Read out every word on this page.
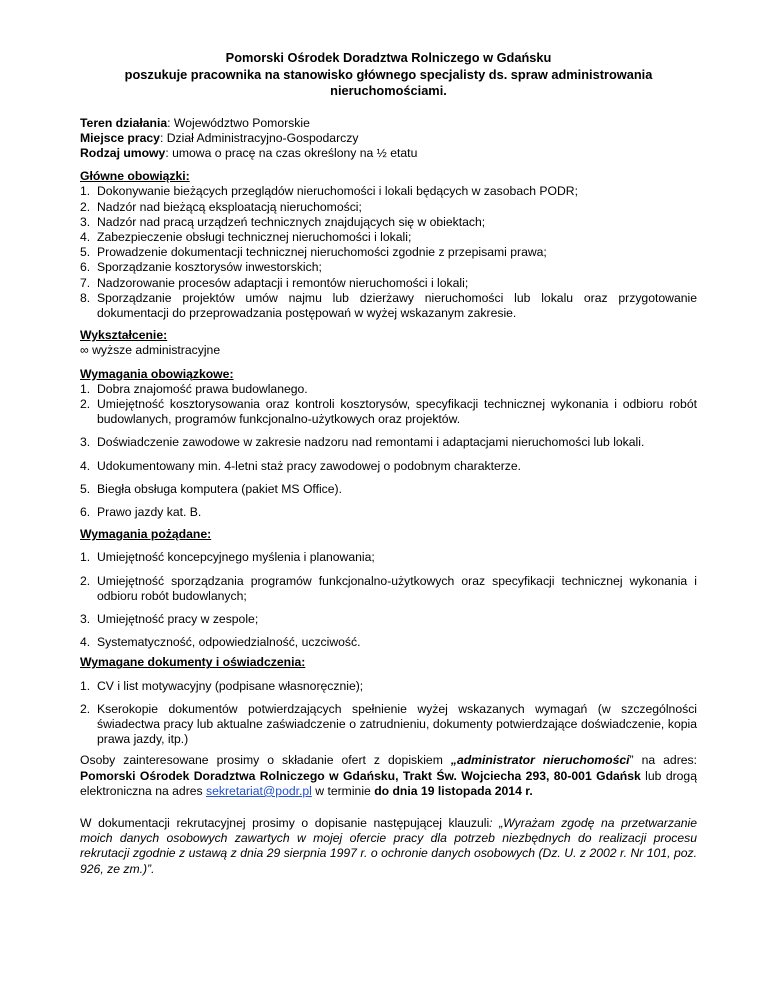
Pomorski Ośrodek Doradztwa Rolniczego w Gdańsku
poszukuje pracownika na stanowisko głównego specjalisty ds. spraw administrowania
nieruchomościami.

Teren działania: Województwo Pomorskie

Miejsce pracy: Dział Administracyjno-Gospodarczy

Rodzaj umowy: umowa o pracę na czas określony na ½ etatu

Główne obowiązki:

1. Dokonywanie bieżących przeglądów nieruchomości i lokali będących w zasobach PODR;
2. Nadzór nad bieżącą eksploatacją nieruchomości;
3. Nadzór nad pracą urządzeń technicznych znajdujących się w obiektach;
4. Zabezpieczenie obsługi technicznej nieruchomości i lokali;
5. Prowadzenie dokumentacji technicznej nieruchomości zgodnie z przepisami prawa;
6. Sporządzanie kosztorysów inwestorskich;
7. Nadzorowanie procesów adaptacji i remontów nieruchomości i lokali;
8. Sporządzanie projektów umów najmu lub dzierżawy nieruchomości lub lokalu oraz przygotowanie dokumentacji do przeprowadzania postępowań w wyżej wskazanym zakresie.

Wykształcenie:

∞ wyższe administracyjne

Wymagania obowiązkowe:

1. Dobra znajomość prawa budowlanego.
2. Umiejętność kosztorysowania oraz kontroli kosztorysów, specyfikacji technicznej wykonania i odbioru robót budowlanych, programów funkcjonalno-użytkowych oraz projektów.
3. Doświadczenie zawodowe w zakresie nadzoru nad remontami i adaptacjami nieruchomości lub lokali.
4. Udokumentowany min. 4-letni staż pracy zawodowej o podobnym charakterze.
5. Biegła obsługa komputera (pakiet MS Office).
6. Prawo jazdy kat. B.

Wymagania pożądane:

1. Umiejętność koncepcyjnego myślenia i planowania;
2. Umiejętność sporządzania programów funkcjonalno-użytkowych oraz specyfikacji technicznej wykonania i odbioru robót budowlanych;
3. Umiejętność pracy w zespole;
4. Systematyczność, odpowiedzialność, uczciwość.

Wymagane dokumenty i oświadczenia:

1. CV i list motywacyjny (podpisane własnoręcznie);
2. Kserokopie dokumentów potwierdzających spełnienie wyżej wskazanych wymagań (w szczególności świadectwa pracy lub aktualne zaświadczenie o zatrudnieniu, dokumenty potwierdzające doświadczenie, kopia prawa jazdy, itp.)

Osoby zainteresowane prosimy o składanie ofert z dopiskiem „administrator nieruchomości” na adres: Pomorski Ośrodek Doradztwa Rolniczego w Gdańsku, Trakt Św. Wojciecha 293, 80-001 Gdańsk lub drogą elektroniczna na adres sekretariat@podr.pl w terminie do dnia 19 listopada 2014 r.

W dokumentacji rekrutacyjnej prosimy o dopisanie następującej klauzuli: „Wyrażam zgodę na przetwarzanie moich danych osobowych zawartych w mojej ofercie pracy dla potrzeb niezbędnych do realizacji procesu rekrutacji zgodnie z ustawą z dnia 29 sierpnia 1997 r. o ochronie danych osobowych (Dz. U. z 2002 r. Nr 101, poz. 926, ze zm.)”.
